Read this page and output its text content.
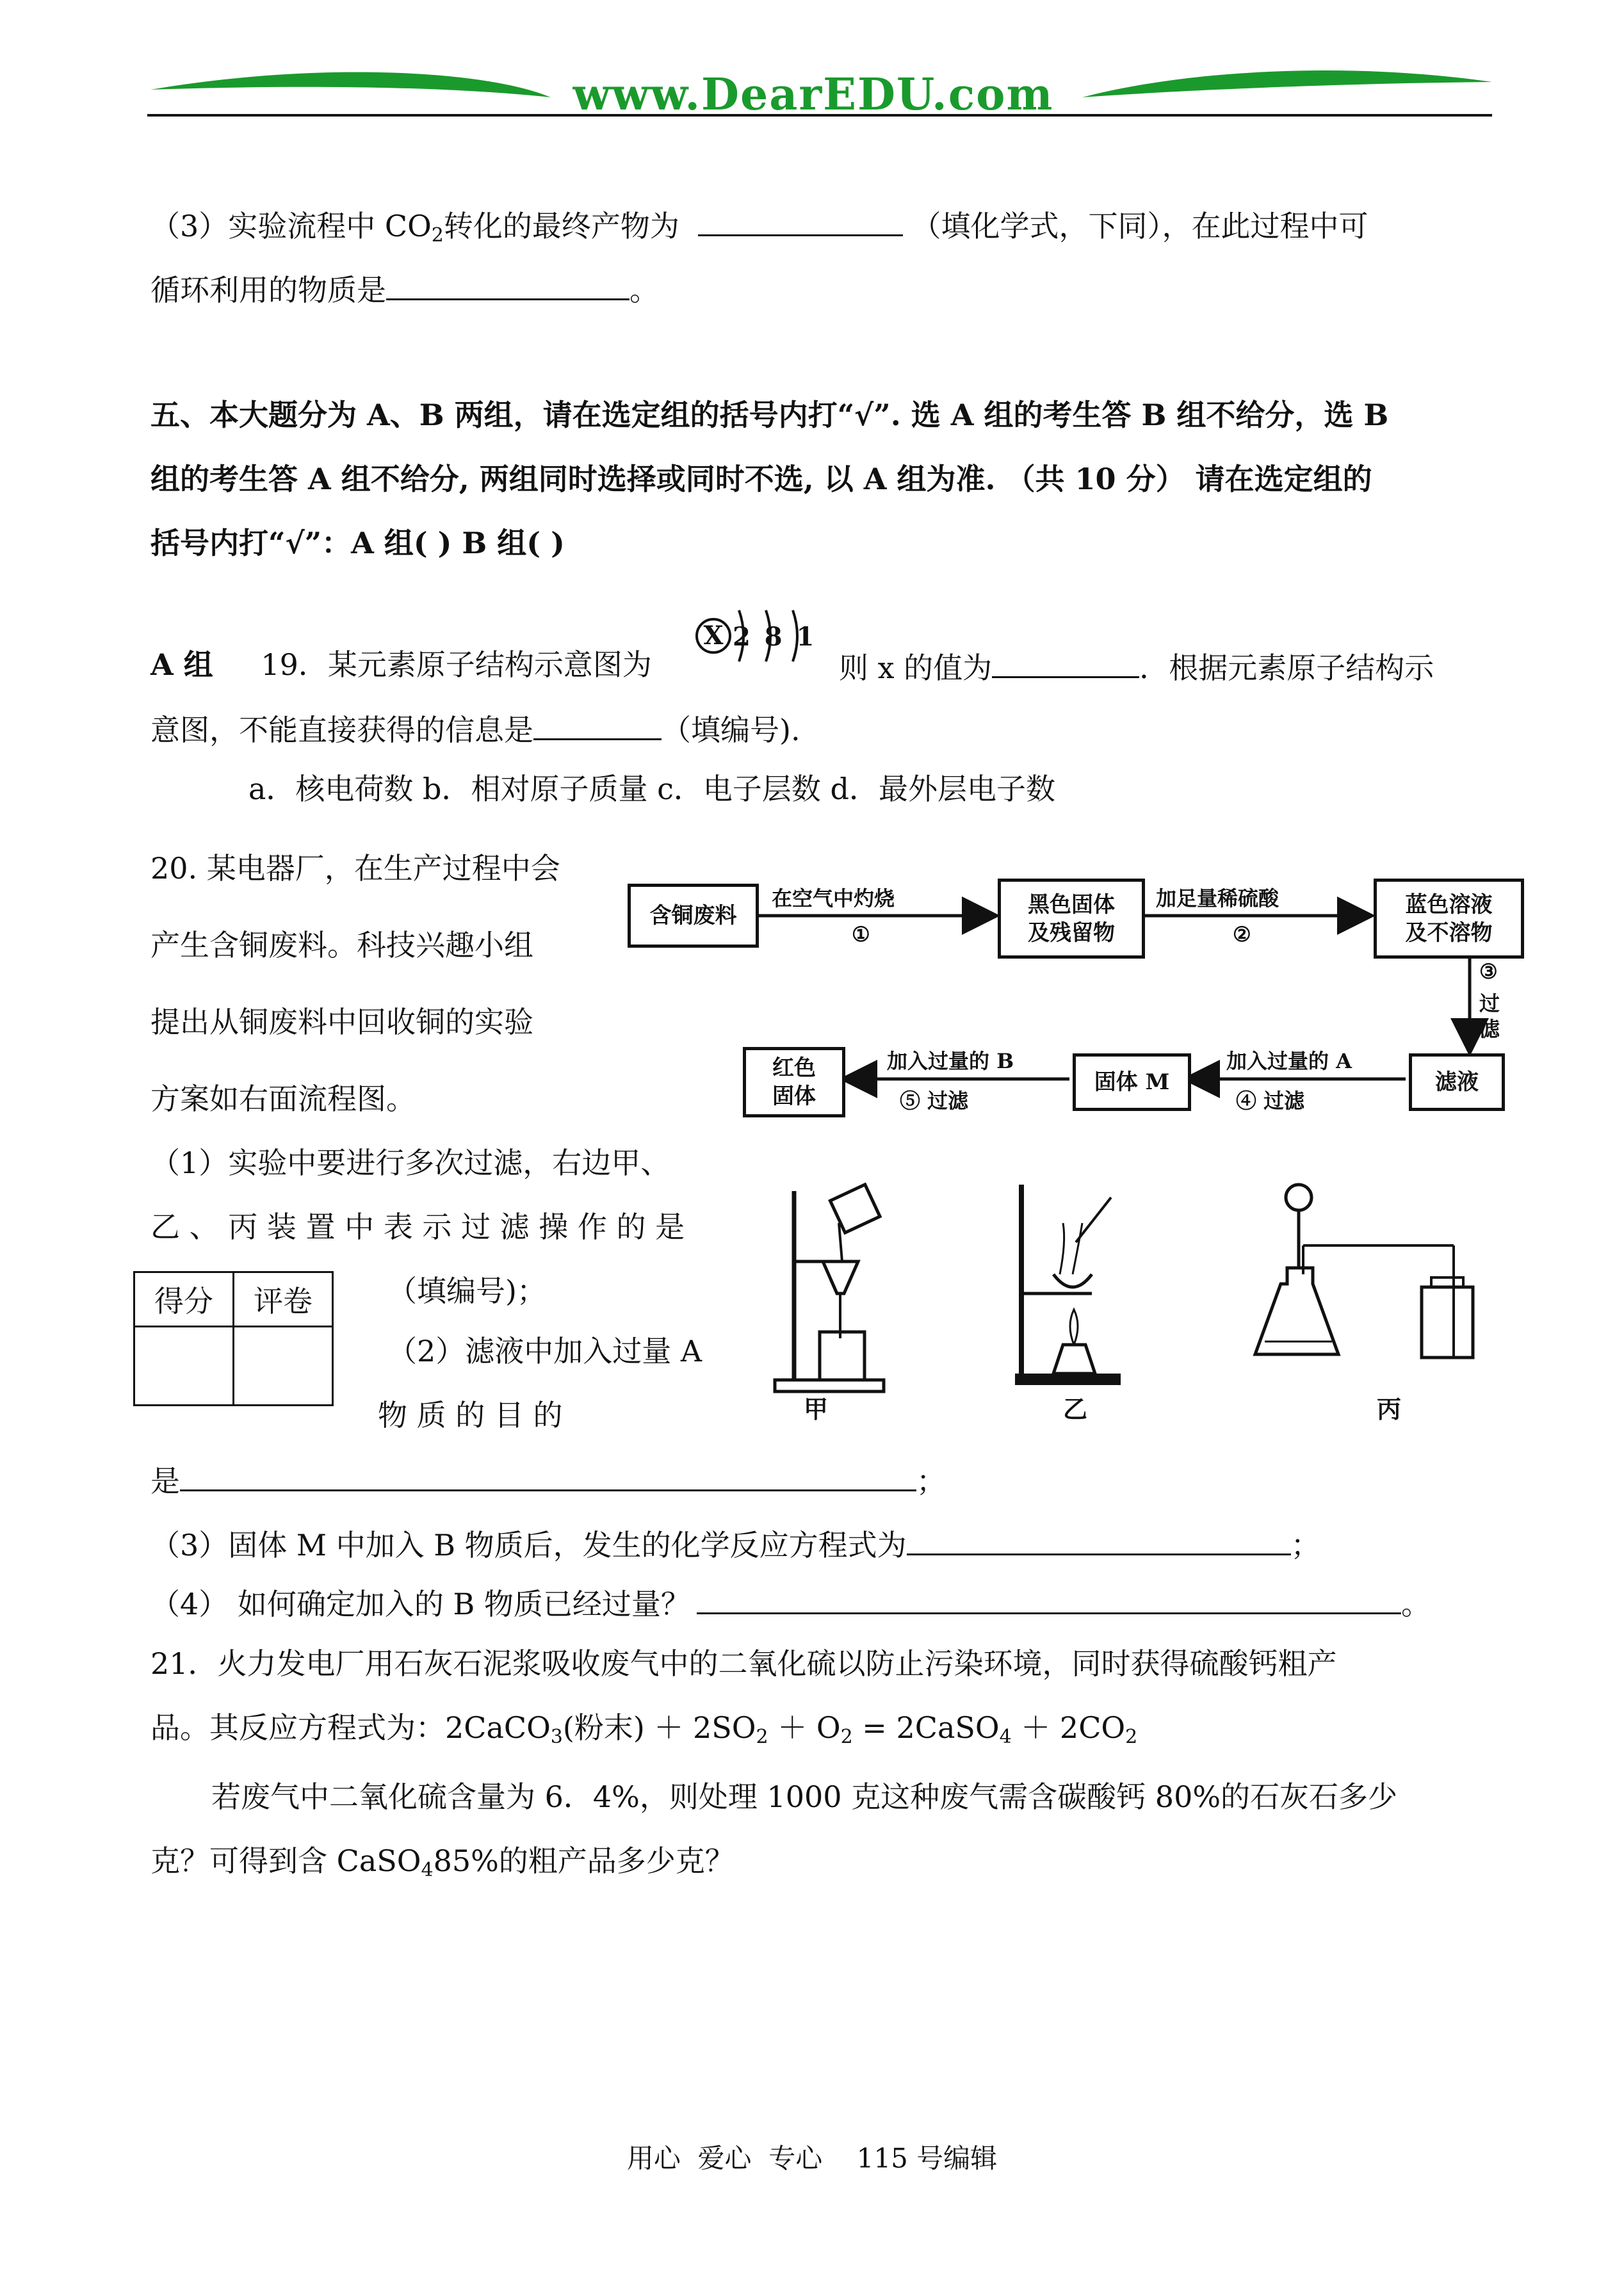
www.DearEDU.com
（3）实验流程中 $CO_2$转化的最终产物为	（填化学式，下同），在此过程中可
循环利用的物质是	。
五、本大题分为 A、B 两组，请在选定组的括号内打“√”. 选 A 组的考生答 B 组不给分，选 B
组的考生答 A 组不给分, 两组同时选择或同时不选, 以 A 组为准. （共 10 分） 请在选定组的
括号内打“√”：A 组( ) B 组( )
A 组 19．某元素原子结构示意图为
X 2 8 1
则 x 的值为	．根据元素原子结构示
意图，不能直接获得的信息是	（填编号).
a．核电荷数 b．相对原子质量 c．电子层数 d．最外层电子数
20. 某电器厂，在生产过程中会
产生含铜废料。科技兴趣小组
提出从铜废料中回收铜的实验
方案如右面流程图。
含铜废料
在空气中灼烧
①
黑色固体
及残留物
加足量稀硫酸
②
蓝色溶液
及不溶物
③
过
滤
滤液
加入过量的 A
④ 过滤
固体 M
加入过量的 B
⑤ 过滤
红色
固体
（1）实验中要进行多次过滤，右边甲、
乙 、 丙 装 置 中 表 示 过 滤 操 作 的 是
（填编号)；
（2）滤液中加入过量 A
物 质 的 目 的
是	；
（3）固体 M 中加入 B 物质后，发生的化学反应方程式为	；
（4） 如何确定加入的 B 物质已经过量？	。
得分	评卷

甲	乙	丙
21．火力发电厂用石灰石泥浆吸收废气中的二氧化硫以防止污染环境，同时获得硫酸钙粗产
品。其反应方程式为：2CaCO$_3$(粉末) ＋ $2SO_2 + O_2$ = 2CaSO$_4$ ＋ $2CO_2$
若废气中二氧化硫含量为 6．4%，则处理 1000 克这种废气需含碳酸钙 80%的石灰石多少
克？可得到含 CaSO$_4$85%的粗产品多少克？
用心  爱心  专心    115 号编辑
